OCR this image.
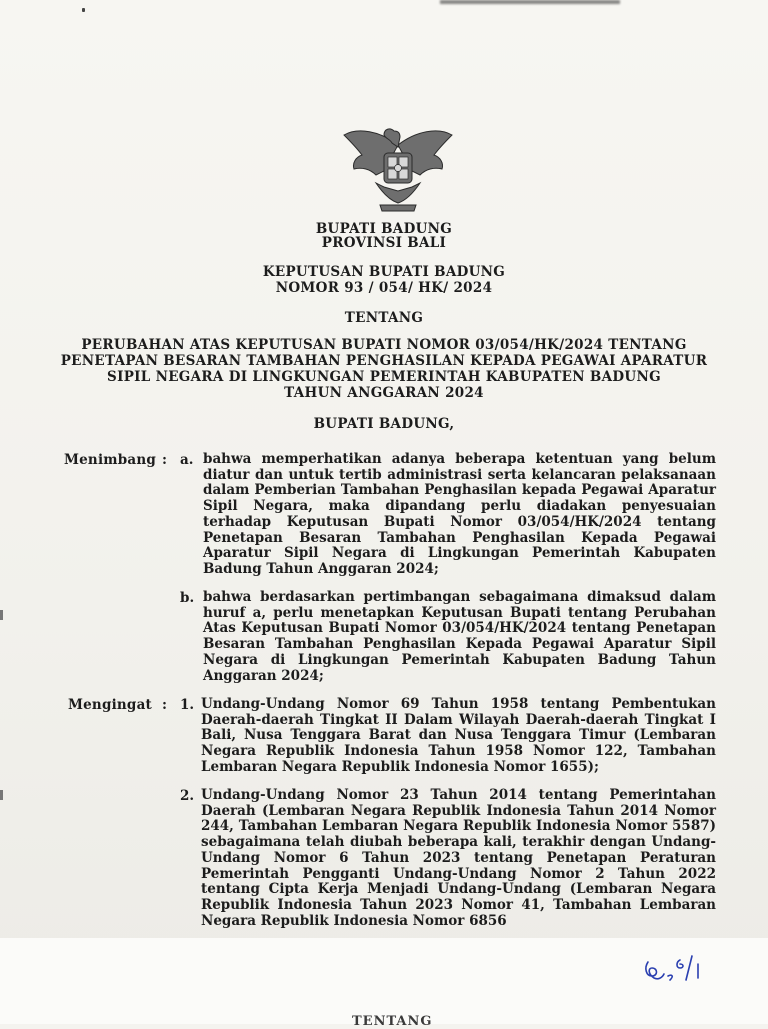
BUPATI BADUNG
PROVINSI BALI
KEPUTUSAN BUPATI BADUNG
NOMOR 93 / 054/ HK/ 2024
TENTANG
PERUBAHAN ATAS KEPUTUSAN BUPATI NOMOR 03/054/HK/2024 TENTANG
PENETAPAN BESARAN TAMBAHAN PENGHASILAN KEPADA PEGAWAI APARATUR
SIPIL NEGARA DI LINGKUNGAN PEMERINTAH KABUPATEN BADUNG
TAHUN ANGGARAN 2024
BUPATI BADUNG,
Menimbang : a. bahwa memperhatikan adanya beberapa ketentuan yang belum diatur dan untuk tertib administrasi serta kelancaran pelaksanaan dalam Pemberian Tambahan Penghasilan kepada Pegawai Aparatur Sipil Negara, maka dipandang perlu diadakan penyesuaian terhadap Keputusan Bupati Nomor 03/054/HK/2024 tentang Penetapan Besaran Tambahan Penghasilan Kepada Pegawai Aparatur Sipil Negara di Lingkungan Pemerintah Kabupaten Badung Tahun Anggaran 2024;
b. bahwa berdasarkan pertimbangan sebagaimana dimaksud dalam huruf a, perlu menetapkan Keputusan Bupati tentang Perubahan Atas Keputusan Bupati Nomor 03/054/HK/2024 tentang Penetapan Besaran Tambahan Penghasilan Kepada Pegawai Aparatur Sipil Negara di Lingkungan Pemerintah Kabupaten Badung Tahun Anggaran 2024;
Mengingat : 1. Undang-Undang Nomor 69 Tahun 1958 tentang Pembentukan Daerah-daerah Tingkat II Dalam Wilayah Daerah-daerah Tingkat I Bali, Nusa Tenggara Barat dan Nusa Tenggara Timur (Lembaran Negara Republik Indonesia Tahun 1958 Nomor 122, Tambahan Lembaran Negara Republik Indonesia Nomor 1655);
2. Undang-Undang Nomor 23 Tahun 2014 tentang Pemerintahan Daerah (Lembaran Negara Republik Indonesia Tahun 2014 Nomor 244, Tambahan Lembaran Negara Republik Indonesia Nomor 5587) sebagaimana telah diubah beberapa kali, terakhir dengan Undang-Undang Nomor 6 Tahun 2023 tentang Penetapan Peraturan Pemerintah Pengganti Undang-Undang Nomor 2 Tahun 2022 tentang Cipta Kerja Menjadi Undang-Undang (Lembaran Negara Republik Indonesia Tahun 2023 Nomor 41, Tambahan Lembaran Negara Republik Indonesia Nomor 6856
TENTANG
